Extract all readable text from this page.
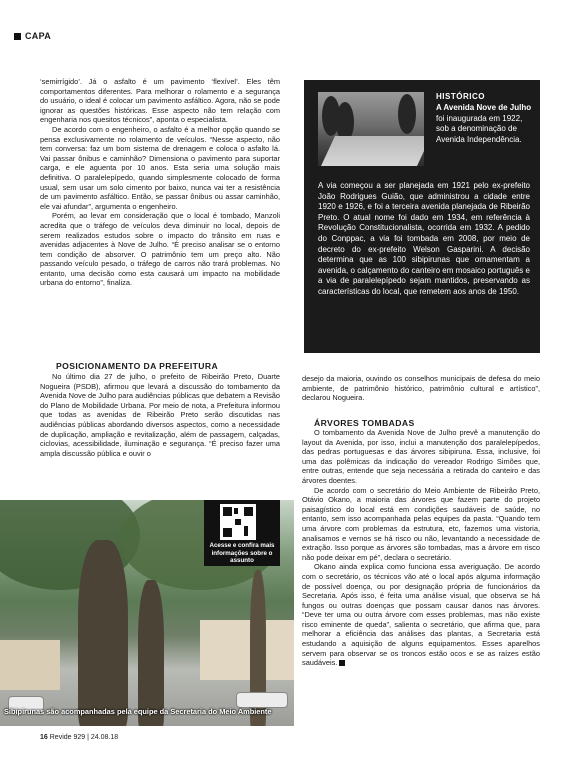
CAPA

‘semirrígido’. Já o asfalto é um pavimento ‘flexível’. Eles têm comportamentos diferentes. Para melhorar o rolamento e a segurança do usuário, o ideal é colocar um pavimento asfáltico. Agora, não se pode ignorar as questões históricas. Esse aspecto não tem relação com engenharia nos quesitos técnicos”, aponta o especialista.

De acordo com o engenheiro, o asfalto é a melhor opção quando se pensa exclusivamente no rolamento de veículos. “Nesse aspecto, não tem conversa: faz um bom sistema de drenagem e coloca o asfalto lá. Vai passar ônibus e caminhão? Dimensiona o pavimento para suportar carga, e ele aguenta por 10 anos. Esta seria uma solução mais definitiva. O paralelepípedo, quando simplesmente colocado de forma usual, sem usar um solo cimento por baixo, nunca vai ter a resistência de um pavimento asfáltico. Então, se passar ônibus ou assar caminhão, ele vai afundar”, argumenta o engenheiro.

Porém, ao levar em consideração que o local é tombado, Manzoli acredita que o tráfego de veículos deva diminuir no local, depois de serem realizados estudos sobre o impacto do trânsito em ruas e avenidas adjacentes à Nove de Julho. “É preciso analisar se o entorno tem condição de absorver. O patrimônio tem um preço alto. Não passando veículo pesado, o tráfego de carros não trará problemas. No entanto, uma decisão como esta causará um impacto na mobilidade urbana do entorno”, finaliza.

POSICIONAMENTO DA PREFEITURA

No último dia 27 de julho, o prefeito de Ribeirão Preto, Duarte Nogueira (PSDB), afirmou que levará a discussão do tombamento da Avenida Nove de Julho para audiências públicas que debatem a Revisão do Plano de Mobilidade Urbana. Por meio de nota, a Prefeitura informou que todas as avenidas de Ribeirão Preto serão discutidas nas audiências públicas abordando diversos aspectos, como a necessidade de duplicação, ampliação e revitalização, além de passagem, calçadas, ciclovias, acessibilidade, iluminação e segurança. “É preciso fazer uma ampla discussão pública e ouvir o

HISTÓRICO
A Avenida Nove de Julho foi inaugurada em 1922, sob a denominação de Avenida Independência.
A via começou a ser planejada em 1921 pelo ex-prefeito João Rodrigues Guião, que administrou a cidade entre 1920 e 1926, e foi a terceira avenida planejada de Ribeirão Preto. O atual nome foi dado em 1934, em referência à Revolução Constitucionalista, ocorrida em 1932. A pedido do Conppac, a via foi tombada em 2008, por meio de decreto do ex-prefeito Welson Gasparini. A decisão determina que as 100 sibipirunas que ornamentam a avenida, o calçamento do canteiro em mosaico português e a via de paralelepípedo sejam mantidos, preservando as características do local, que remetem aos anos de 1950.

desejo da maioria, ouvindo os conselhos municipais de defesa do meio ambiente, de patrimônio histórico, patrimônio cultural e artístico”, declarou Nogueira.

ÁRVORES TOMBADAS

O tombamento da Avenida Nove de Julho prevê a manutenção do layout da Avenida, por isso, inclui a manutenção dos paralelepípedos, das pedras portuguesas e das árvores sibipiruna. Essa, inclusive, foi uma das polêmicas da indicação do vereador Rodrigo Simões que, entre outras, entende que seja necessária a retirada do canteiro e das árvores doentes.

De acordo com o secretário do Meio Ambiente de Ribeirão Preto, Otávio Okano, a maioria das árvores que fazem parte do projeto paisagístico do local está em condições saudáveis de saúde, no entanto, sem isso acompanhada pelas equipes da pasta. “Quando tem uma árvore com problemas da estrutura, etc, fazemos uma vistoria, analisamos e vernos se há risco ou não, levantando a necessidade de extração. Isso porque as árvores são tombadas, mas a árvore em risco não pode deixar em pé”, declara o secretário.

Okano ainda explica como funciona essa averiguação. De acordo com o secretário, os técnicos vão até o local após alguma informação de possível doença, ou por designação própria de funcionários da Secretaria. Após isso, é feita uma análise visual, que observa se há fungos ou outras doenças que possam causar danos nas árvores. “Deve ter uma ou outra árvore com esses problemas, mas não existe risco eminente de queda”, salienta o secretário, que afirma que, para melhorar a eficiência das análises das plantas, a Secretaria está estudando a aquisição de alguns equipamentos. Esses aparelhos servem para observar se os troncos estão ocos e se as raízes estão saudáveis.

Sibipirunas são acompanhadas pela equipe da Secretaria do Meio Ambiente
Acesse e confira mais informações sobre o assunto
16 Revide 929 | 24.08.18
